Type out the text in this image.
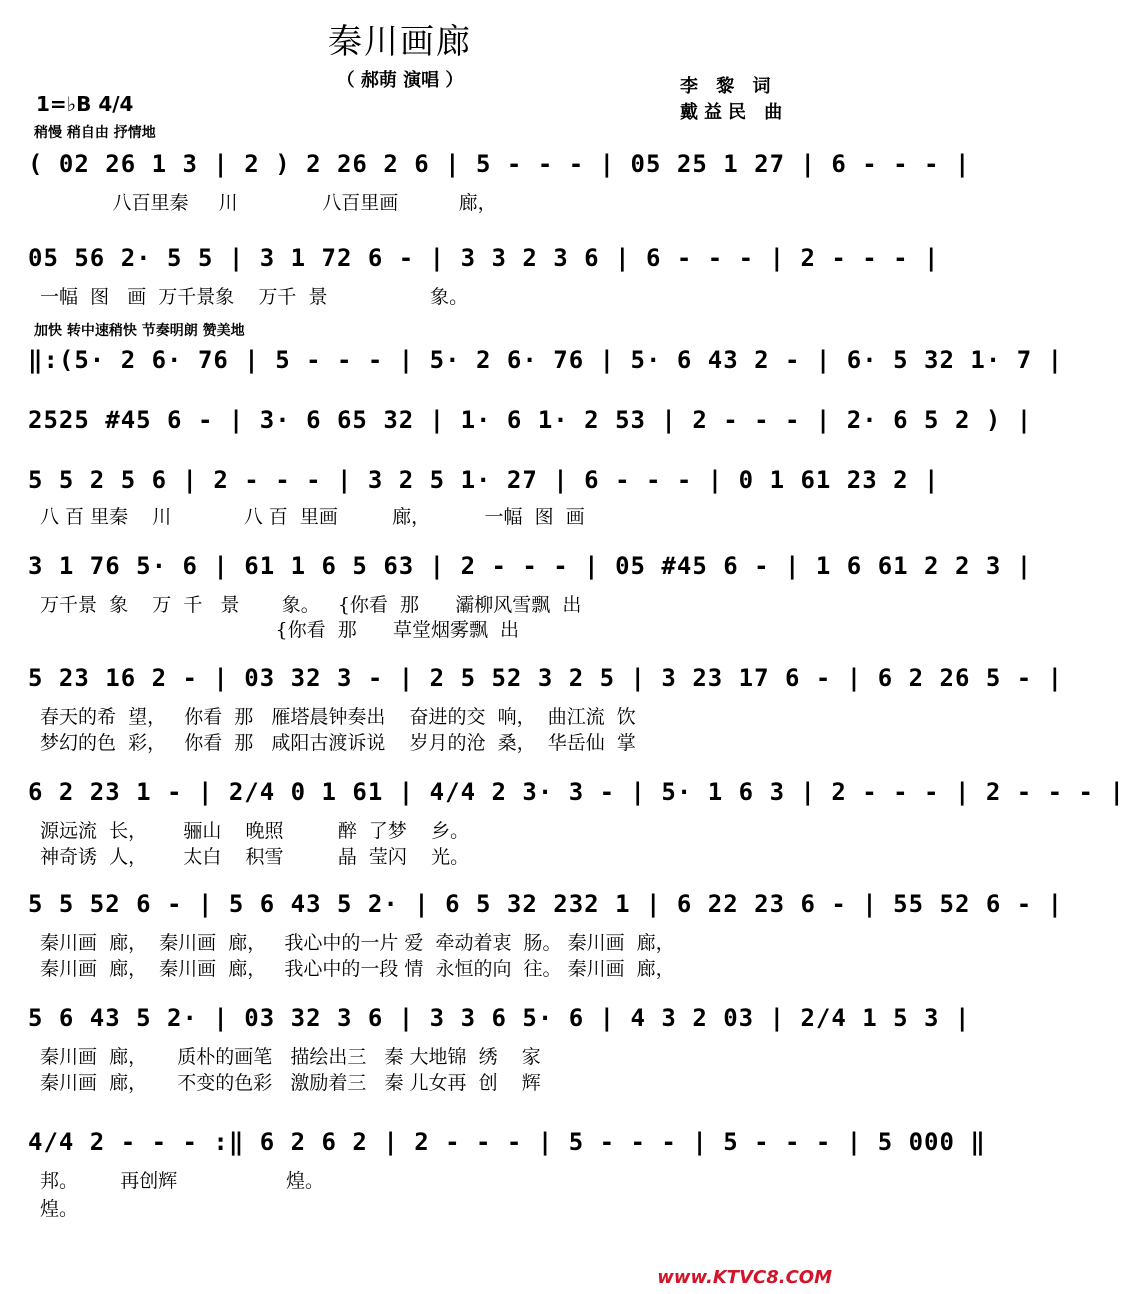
秦川画廊
（ 郝萌 演唱 ）	李 黎 词
戴益民 曲
1=♭B 4/4
稍慢 稍自由 抒情地
加快 转中速稍快 节奏明朗 赞美地
( 02 26 1 3 | 2 ) 2 26 2 6 | 5 - - - | 05 25 1 27 | 6 - - - |
八百里秦     川              八百里画          廊，
05 56 2· 5 5 | 3 1 72 6 - | 3 3 2 3 6 | 6 - - - | 2 - - - |
一幅  图   画  万千景象    万千  景                 象。
‖:(5· 2 6· 76 | 5 - - - | 5· 2 6· 76 | 5· 6 43 2 - | 6· 5 32 1· 7 |
2525 #45 6 - | 3· 6 65 32 | 1· 6 1· 2 53 | 2 - - - | 2· 6 5 2 ) |
5 5 2 5 6 | 2 - - - | 3 2 5 1· 27 | 6 - - - | 0 1 61 23 2 |
八 百 里秦    川            八 百  里画         廊，         一幅  图  画
3 1 76 5· 6 | 61 1 6 5 63 | 2 - - - | 05 #45 6 - | 1 6 61 2 2 3 |
万千景  象    万  千   景       象。   {你看  那      灞柳风雪飘  出
{你看  那      草堂烟雾飘  出
5 23 16 2 - | 03 32 3 - | 2 5 52 3 2 5 | 3 23 17 6 - | 6 2 26 5 - |
春天的希  望，   你看  那   雁塔晨钟奏出    奋进的交  响，  曲江流  饮
梦幻的色  彩，   你看  那   咸阳古渡诉说    岁月的沧  桑，  华岳仙  掌
6 2 23 1 - | 2/4 0 1 61 | 4/4 2 3· 3 - | 5· 1 6 3 | 2 - - - | 2 - - - |
源远流  长，      骊山    晚照         醉  了梦    乡。
神奇诱  人，      太白    积雪         晶  莹闪    光。
5 5 52 6 - | 5 6 43 5 2· | 6 5 32 232 1 | 6 22 23 6 - | 55 52 6 - |
秦川画  廊，  秦川画  廊，   我心中的一片 爱  牵动着衷  肠。 秦川画  廊，
秦川画  廊，  秦川画  廊，   我心中的一段 情  永恒的向  往。 秦川画  廊，
5 6 43 5 2· | 03 32 3 6 | 3 3 6 5· 6 | 4 3 2 03 | 2/4 1 5 3 |
秦川画  廊，     质朴的画笔   描绘出三   秦 大地锦  绣    家
秦川画  廊，     不变的色彩   激励着三   秦 儿女再  创    辉
4/4 2 - - - :‖ 6 2 6 2 | 2 - - - | 5 - - - | 5 - - - | 5 000 ‖
邦。       再创辉                  煌。
煌。
www.KTVC8.COM
